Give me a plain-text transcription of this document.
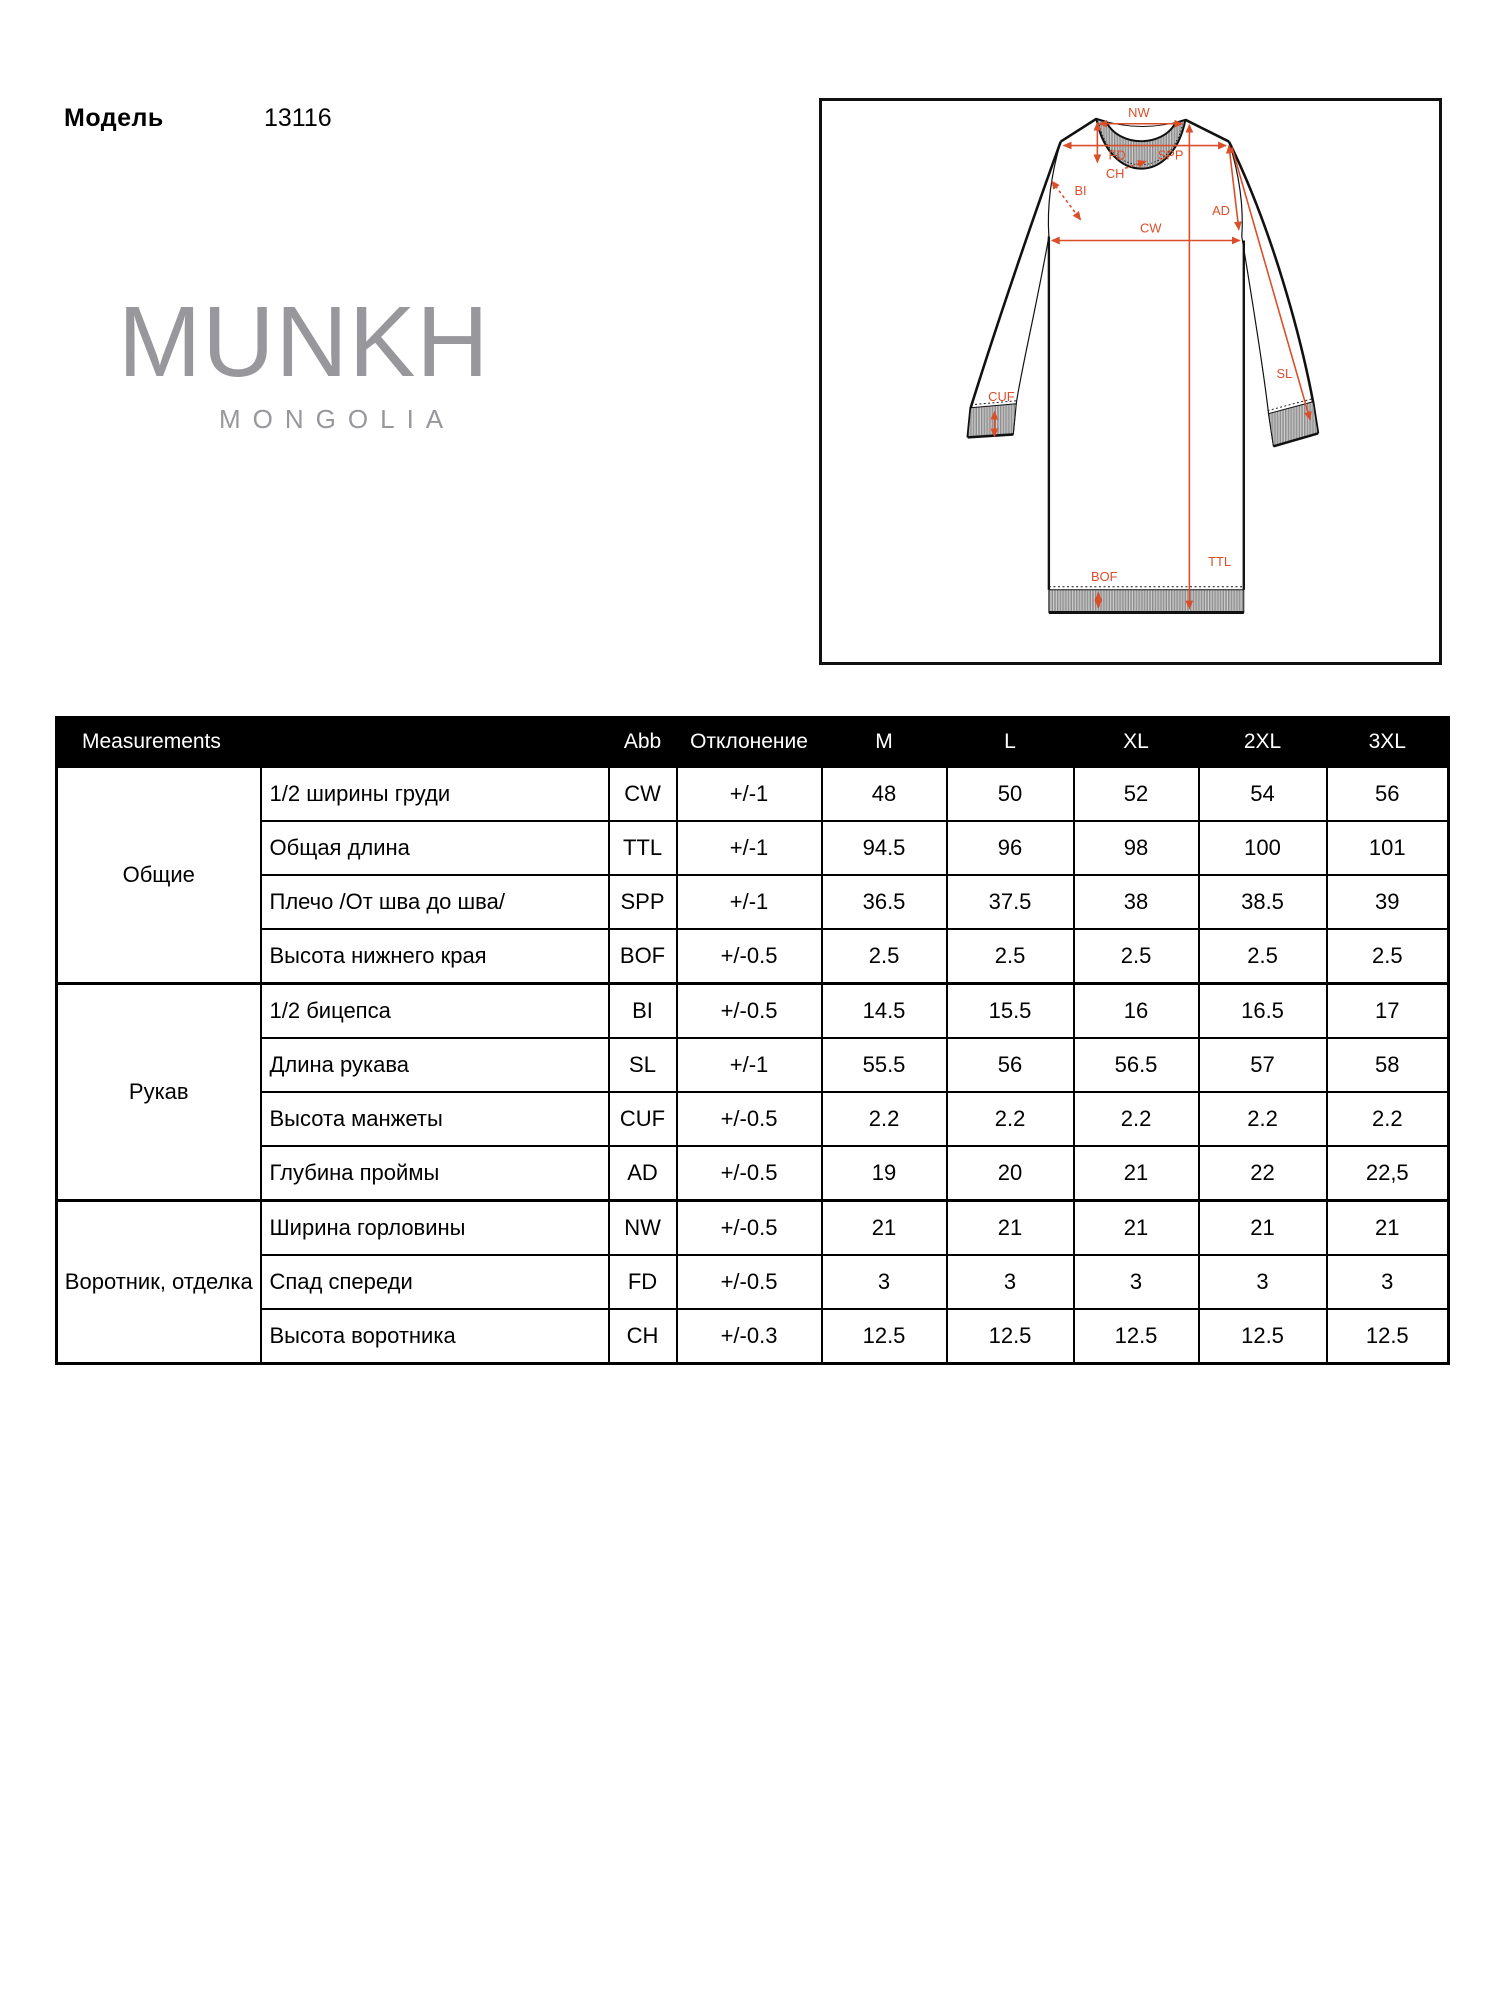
Модель	13116
MUNKH
MONGOLIA
NW
SPP
FD
CH
BI
AD
CW
SL
CUF
TTL
BOF
Measurements		Abb	Отклонение	M	L	XL	2XL	3XL
Общие	1/2 ширины груди	CW	+/-1	48	50	52	54	56
	Общая длина	TTL	+/-1	94.5	96	98	100	101
	Плечо /От шва до шва/	SPP	+/-1	36.5	37.5	38	38.5	39
	Высота нижнего края	BOF	+/-0.5	2.5	2.5	2.5	2.5	2.5
Рукав	1/2 бицепса	BI	+/-0.5	14.5	15.5	16	16.5	17
	Длина рукава	SL	+/-1	55.5	56	56.5	57	58
	Высота манжеты	CUF	+/-0.5	2.2	2.2	2.2	2.2	2.2
	Глубина проймы	AD	+/-0.5	19	20	21	22	22,5
Воротник, отделка	Ширина горловины	NW	+/-0.5	21	21	21	21	21
	Спад спереди	FD	+/-0.5	3	3	3	3	3
	Высота воротника	CH	+/-0.3	12.5	12.5	12.5	12.5	12.5
